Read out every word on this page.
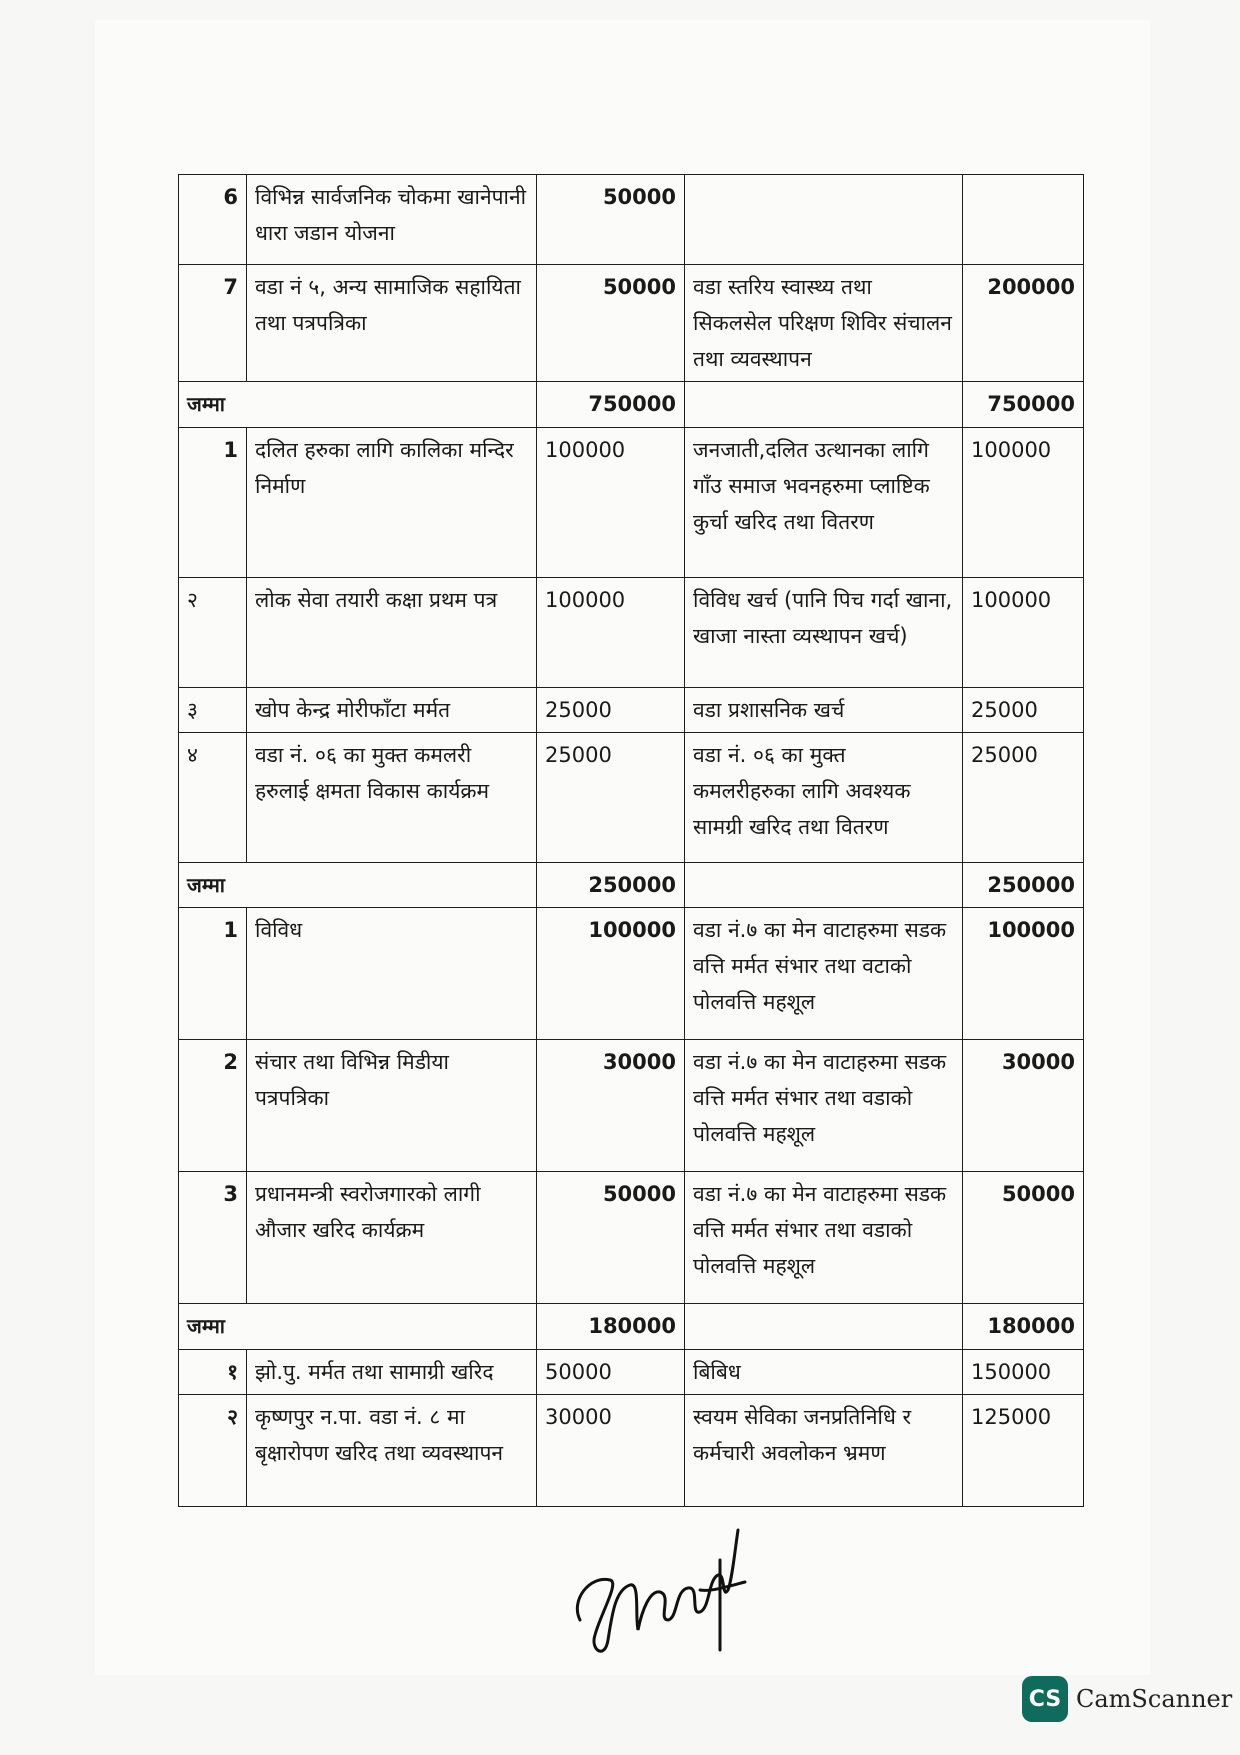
6	विभिन्न सार्वजनिक चोकमा खानेपानी धारा जडान योजना	50000		
7	वडा नं ५, अन्य सामाजिक सहायिता तथा पत्रपत्रिका	50000	वडा स्तरिय स्वास्थ्य तथा सिकलसेल परिक्षण शिविर संचालन तथा व्यवस्थापन	200000
जम्मा		750000		750000
1	दलित हरुका लागि कालिका मन्दिर निर्माण	100000	जनजाती,दलित उत्थानका लागि गाँउ समाज भवनहरुमा प्लाष्टिक कुर्चा खरिद तथा वितरण	100000
२	लोक सेवा तयारी कक्षा प्रथम पत्र	100000	विविध खर्च (पानि पिच गर्दा खाना, खाजा नास्ता व्यस्थापन खर्च)	100000
३	खोप केन्द्र मोरीफाँटा मर्मत	25000	वडा प्रशासनिक खर्च	25000
४	वडा नं. ०६ का मुक्त कमलरी हरुलाई क्षमता विकास कार्यक्रम	25000	वडा नं. ०६ का मुक्त कमलरीहरुका लागि अवश्यक सामग्री खरिद तथा वितरण	25000
जम्मा		250000		250000
1	विविध	100000	वडा नं.७ का मेन वाटाहरुमा सडक वत्ति मर्मत संभार तथा वटाको पोलवत्ति महशूल	100000
2	संचार तथा विभिन्न मिडीया पत्रपत्रिका	30000	वडा नं.७ का मेन वाटाहरुमा सडक वत्ति मर्मत संभार तथा वडाको पोलवत्ति महशूल	30000
3	प्रधानमन्त्री स्वरोजगारको लागी औजार खरिद कार्यक्रम	50000	वडा नं.७ का मेन वाटाहरुमा सडक वत्ति मर्मत संभार तथा वडाको पोलवत्ति महशूल	50000
जम्मा		180000		180000
१	झो.पु. मर्मत तथा सामाग्री खरिद	50000	बिबिध	150000
२	कृष्णपुर न.पा. वडा नं. ८ मा बृक्षारोपण खरिद तथा व्यवस्थापन	30000	स्वयम सेविका जनप्रतिनिधि र कर्मचारी अवलोकन भ्रमण	125000
CS CamScanner
